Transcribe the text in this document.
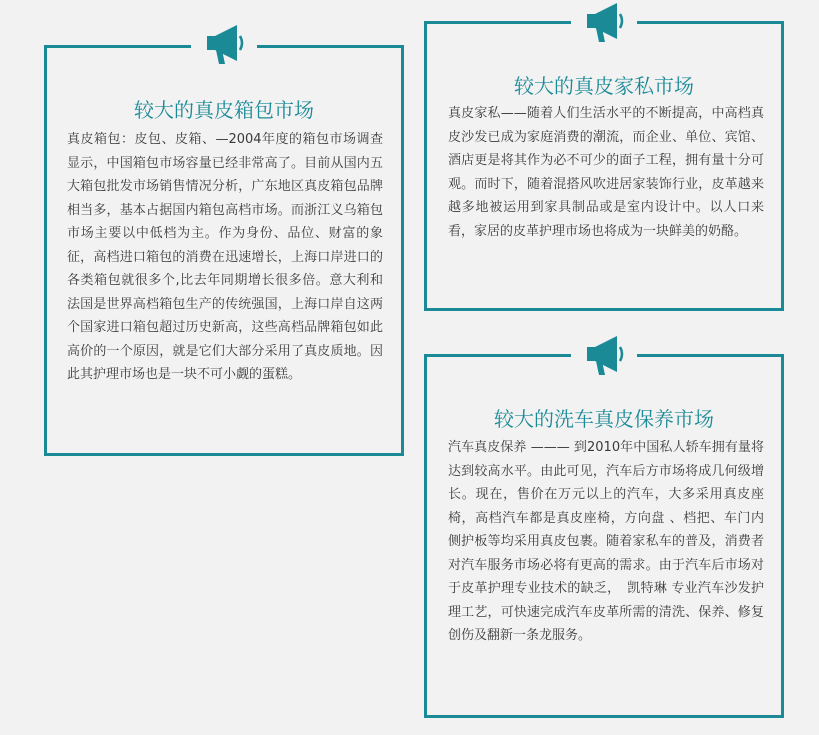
较大的真皮箱包市场

真皮箱包：皮包、皮箱、—2004年度的箱包市场调查显示，中国箱包市场容量已经非常高了。目前从国内五大箱包批发市场销售情况分析，广东地区真皮箱包品牌相当多，基本占据国内箱包高档市场。而浙江义乌箱包市场主要以中低档为主。作为身份、品位、财富的象征，高档进口箱包的消费在迅速增长，上海口岸进口的各类箱包就很多个,比去年同期增长很多倍。意大利和法国是世界高档箱包生产的传统强国，上海口岸自这两个国家进口箱包超过历史新高，这些高档品牌箱包如此高价的一个原因，就是它们大部分采用了真皮质地。因此其护理市场也是一块不可小觑的蛋糕。

较大的真皮家私市场

真皮家私——随着人们生活水平的不断提高，中高档真皮沙发已成为家庭消费的潮流，而企业、单位、宾馆、酒店更是将其作为必不可少的面子工程，拥有量十分可观。而时下，随着混搭风吹进居家装饰行业，皮革越来越多地被运用到家具制品或是室内设计中。以人口来看，家居的皮革护理市场也将成为一块鲜美的奶酪。

较大的洗车真皮保养市场

汽车真皮保养 ——— 到2010年中国私人轿车拥有量将达到较高水平。由此可见，汽车后方市场将成几何级增长。现在，售价在万元以上的汽车，大多采用真皮座椅，高档汽车都是真皮座椅，方向盘 、档把、车门内侧护板等均采用真皮包裹。随着家私车的普及，消费者对汽车服务市场必将有更高的需求。由于汽车后市场对于皮革护理专业技术的缺乏，　凯特琳 专业汽车沙发护理工艺，可快速完成汽车皮革所需的清洗、保养、修复创伤及翻新一条龙服务。
